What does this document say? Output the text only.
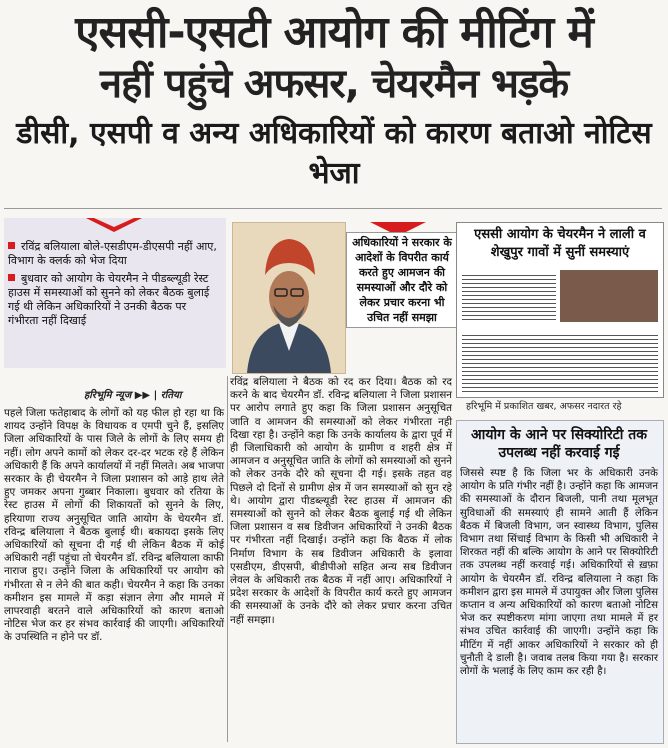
एससी-एसटी आयोग की मीटिंग में
नहीं पहुंचे अफसर, चेयरमैन भड़के
डीसी, एसपी व अन्य अधिकारियों को कारण बताओ नोटिस भेजा
रविंद्र बलियाला बोले-एसडीएम-डीएसपी नहीं आए, विभाग के क्लर्क को भेज दिया
बुधवार को आयोग के चेयरमैन ने पीडब्ल्यूडी रेस्ट हाउस में समस्याओं को सुनने को लेकर बैठक बुलाई गई थी लेकिन अधिकारियों ने उनकी बैठक पर गंभीरता नहीं दिखाई
हरिभूमि न्यूज ▶▶ | रतिया
अधिकारियों ने सरकार के आदेशों के विपरीत कार्य करते हुए आमजन की समस्याओं और दौरे को लेकर प्रचार करना भी उचित नहीं समझा
पहले जिला फतेहाबाद के लोगों को यह फील हो रहा था कि शायद उन्होंने विपक्ष के विधायक व एमपी चुने हैं, इसलिए जिला अधिकारियों के पास जिले के लोगों के लिए समय ही नहीं। लोग अपने कामों को लेकर दर-दर भटक रहे हैं लेकिन अधिकारी हैं कि अपने कार्यालयों में नहीं मिलते। अब भाजपा सरकार के ही चेयरमैन ने जिला प्रशासन को आड़े हाथ लेते हुए जमकर अपना गुब्बार निकाला। बुधवार को रतिया के रेस्ट हाउस में लोगों की शिकायतों को सुनने के लिए, हरियाणा राज्य अनुसूचित जाति आयोग के चेयरमैन डॉ. रविन्द्र बलियाला ने बैठक बुलाई थी। बकायदा इसके लिए अधिकारियों को सूचना दी गई थी लेकिन बैठक में कोई अधिकारी नहीं पहुंचा तो चेयरमैन डॉ. रविन्द्र बलियाला काफी नाराज हुए। उन्होंने जिला के अधिकारियों पर आयोग को गंभीरता से न लेने की बात कही। चेयरमैन ने कहा कि उनका कमीशन इस मामले में कड़ा संज्ञान लेगा और मामले में लापरवाही बरतने वाले अधिकारियों को कारण बताओ नोटिस भेज कर हर संभव कार्रवाई की जाएगी। अधिकारियों के उपस्थिति न होने पर डॉ.
रविंद्र बलियाला ने बैठक को रद कर दिया। बैठक को रद करने के बाद चेयरमैन डॉ. रविन्द्र बलियाला ने जिला प्रशासन पर आरोप लगाते हुए कहा कि जिला प्रशासन अनुसूचित जाति व आमजन की समस्याओं को लेकर गंभीरता नही दिखा रहा है। उन्होंने कहा कि उनके कार्यालय के द्वारा पूर्व में ही जिलाधिकारी को आयोग के ग्रामीण व शहरी क्षेत्र में आमजन व अनुसूचित जाति के लोगों को समस्याओं को सुनने को लेकर उनके दौरे को सूचना दी गई। इसके तहत वह पिछले दो दिनों से ग्रामीण क्षेत्र में जन समस्याओं को सुन रहे थे। आयोग द्वारा पीडब्ल्यूडी रेस्ट हाउस में आमजन की समस्याओं को सुनने को लेकर बैठक बुलाई गई थी लेकिन जिला प्रशासन व सब डिवीजन अधिकारियों ने उनकी बैठक पर गंभीरता नहीं दिखाई। उन्होंने कहा कि बैठक में लोक निर्माण विभाग के सब डिवीजन अधिकारी के इलावा एसडीएम, डीएसपी, बीडीपीओ सहित अन्य सब डिवीजन लेवल के अधिकारी तक बैठक में नहीं आए। अधिकारियों ने प्रदेश सरकार के आदेशों के विपरीत कार्य करते हुए आमजन की समस्याओं के उनके दौरे को लेकर प्रचार करना उचित नहीं समझा।
एससी आयोग के चेयरमैन ने लाली व शेखुपुर गावों में सुनीं समस्याएं
हरिभूमि में प्रकाशित खबर, अफसर नदारत रहे
आयोग के आने पर सिक्योरिटी तक उपलब्ध नहीं करवाई गई
जिससे स्पष्ट है कि जिला भर के अधिकारी उनके आयोग के प्रति गंभीर नहीं है। उन्होंने कहा कि आमजन की समस्याओं के दौरान बिजली, पानी तथा मूलभूत सुविधाओं की समस्याएं ही सामने आती हैं लेकिन बैठक में बिजली विभाग, जन स्वास्थ्य विभाग, पुलिस विभाग तथा सिंचाई विभाग के किसी भी अधिकारी ने शिरकत नहीं की बल्कि आयोग के आने पर सिक्योरिटी तक उपलब्ध नहीं करवाई गई। अधिकारियों से ख़फ़ा आयोग के चेयरमैन डॉ. रविन्द्र बलियाला ने कहा कि कमीशन द्वारा इस मामले में उपायुक्त और जिला पुलिस कप्तान व अन्य अधिकारियों को कारण बताओ नोटिस भेज कर स्पष्टीकरण मांगा जाएगा तथा मामले में हर संभव उचित कार्रवाई की जाएगी। उन्होंने कहा कि मीटिंग में नहीं आकर अधिकारियों ने सरकार को ही चुनौती दे डाली है। जवाब तलब किया गया है। सरकार लोगों के भलाई के लिए काम कर रही है।
